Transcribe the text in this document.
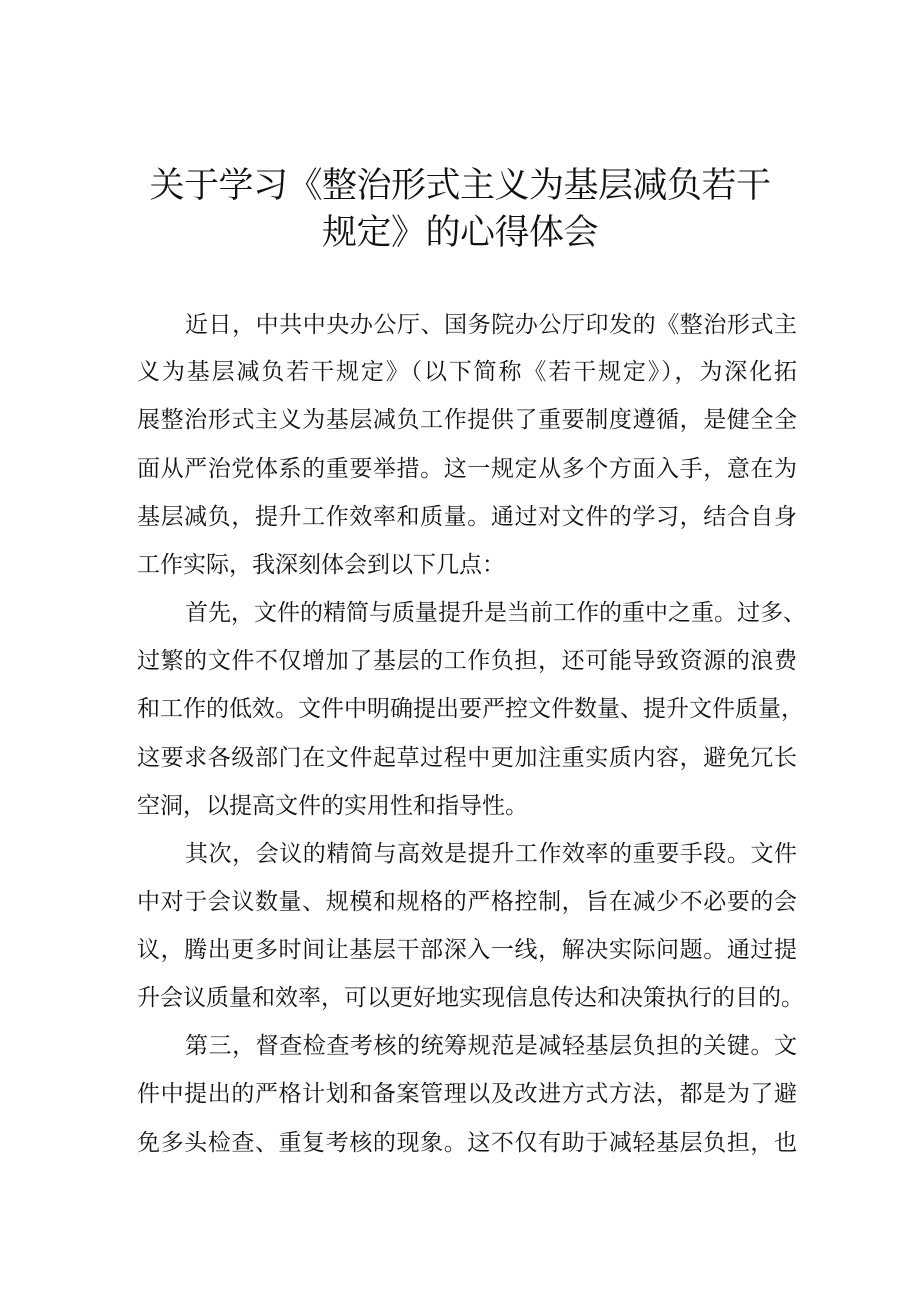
关于学习《整治形式主义为基层减负若干
规定》的心得体会
近日，中共中央办公厅、国务院办公厅印发的《整治形式主
义为基层减负若干规定》（以下简称《若干规定》），为深化拓
展整治形式主义为基层减负工作提供了重要制度遵循，是健全全
面从严治党体系的重要举措。这一规定从多个方面入手，意在为
基层减负，提升工作效率和质量。通过对文件的学习，结合自身
工作实际，我深刻体会到以下几点：
首先，文件的精简与质量提升是当前工作的重中之重。过多、
过繁的文件不仅增加了基层的工作负担，还可能导致资源的浪费
和工作的低效。文件中明确提出要严控文件数量、提升文件质量，
这要求各级部门在文件起草过程中更加注重实质内容，避免冗长
空洞，以提高文件的实用性和指导性。
其次，会议的精简与高效是提升工作效率的重要手段。文件
中对于会议数量、规模和规格的严格控制，旨在减少不必要的会
议，腾出更多时间让基层干部深入一线，解决实际问题。通过提
升会议质量和效率，可以更好地实现信息传达和决策执行的目的。
第三，督查检查考核的统筹规范是减轻基层负担的关键。文
件中提出的严格计划和备案管理以及改进方式方法，都是为了避
免多头检查、重复考核的现象。这不仅有助于减轻基层负担，也
